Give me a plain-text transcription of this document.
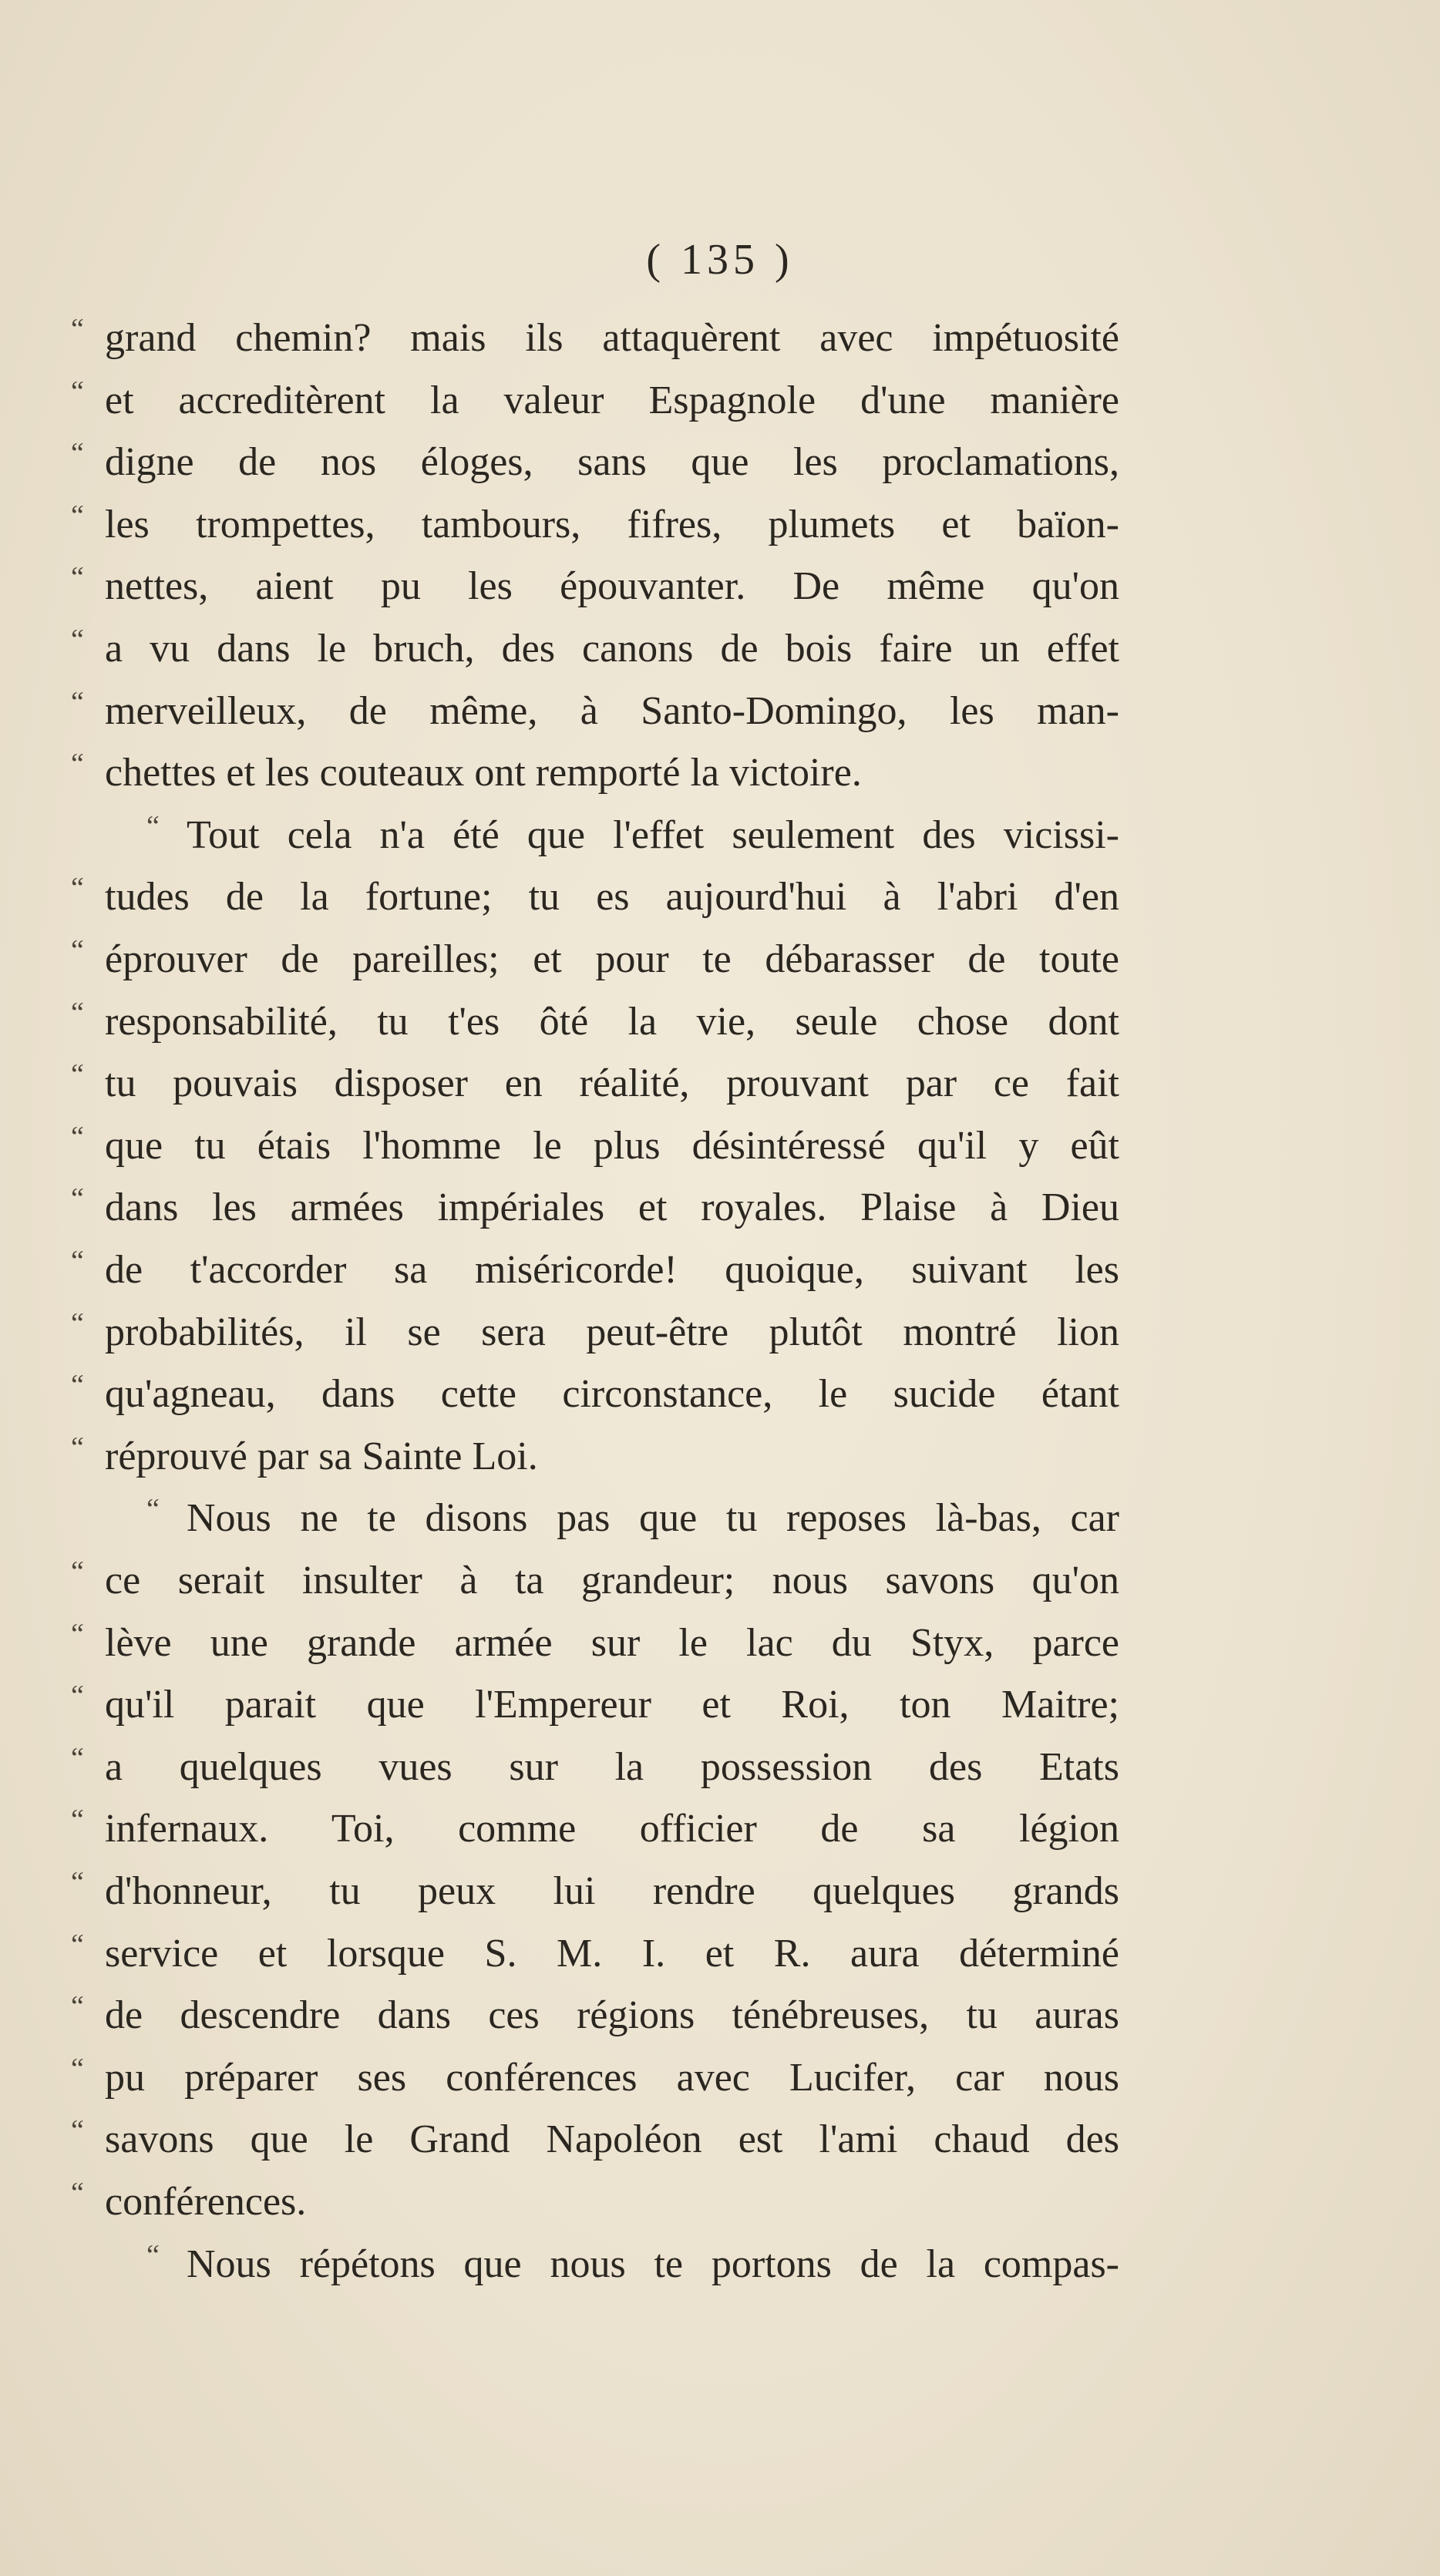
( 135 )
“ grand chemin? mais ils attaquèrent avec impétuosité
“ et accreditèrent la valeur Espagnole d'une manière
“ digne de nos éloges, sans que les proclamations,
“ les trompettes, tambours, fifres, plumets et baïon-
“ nettes, aient pu les épouvanter. De même qu'on
“ a vu dans le bruch, des canons de bois faire un effet
“ merveilleux, de même, à Santo-Domingo, les man-
“ chettes et les couteaux ont remporté la victoire.
“ Tout cela n'a été que l'effet seulement des vicissi-
“ tudes de la fortune; tu es aujourd'hui à l'abri d'en
“ éprouver de pareilles; et pour te débarasser de toute
“ responsabilité, tu t'es ôté la vie, seule chose dont
“ tu pouvais disposer en réalité, prouvant par ce fait
“ que tu étais l'homme le plus désintéressé qu'il y eût
“ dans les armées impériales et royales. Plaise à Dieu
“ de t'accorder sa miséricorde! quoique, suivant les
“ probabilités, il se sera peut-être plutôt montré lion
“ qu'agneau, dans cette circonstance, le sucide étant
“ réprouvé par sa Sainte Loi.
“ Nous ne te disons pas que tu reposes là-bas, car
“ ce serait insulter à ta grandeur; nous savons qu'on
“ lève une grande armée sur le lac du Styx, parce
“ qu'il parait que l'Empereur et Roi, ton Maitre;
“ a quelques vues sur la possession des Etats
“ infernaux. Toi, comme officier de sa légion
“ d'honneur, tu peux lui rendre quelques grands
“ service et lorsque S. M. I. et R. aura déterminé
“ de descendre dans ces régions ténébreuses, tu auras
“ pu préparer ses conférences avec Lucifer, car nous
“ savons que le Grand Napoléon est l'ami chaud des
“ conférences.
“ Nous répétons que nous te portons de la compas-
